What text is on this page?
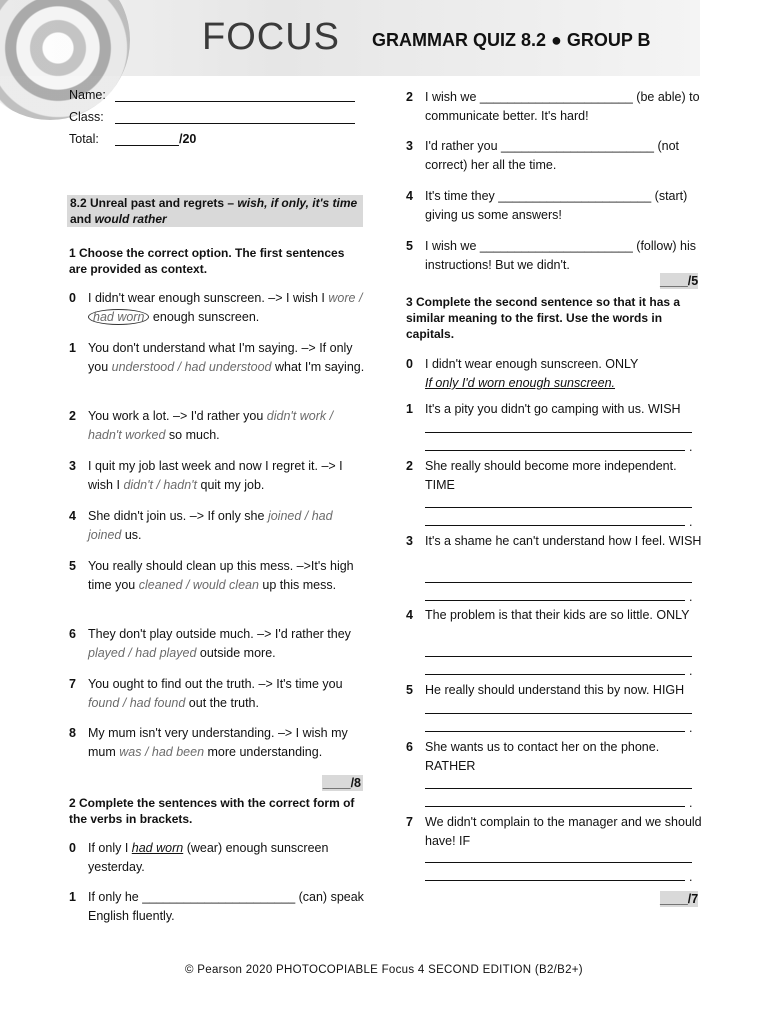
FOCUS GRAMMAR QUIZ 8.2 ● GROUP B
Name:
Class:
Total:	/20
8.2 Unreal past and regrets – wish, if only, it's time and would rather
1 Choose the correct option. The first sentences are provided as context.
0 I didn't wear enough sunscreen. –> I wish I wore / had worn enough sunscreen.
1 You don't understand what I'm saying. –> If only you understood / had understood what I'm saying.
2 You work a lot. –> I'd rather you didn't work / hadn't worked so much.
3 I quit my job last week and now I regret it. –> I wish I didn't / hadn't quit my job.
4 She didn't join us. –> If only she joined / had joined us.
5 You really should clean up this mess. –>It's high time you cleaned / would clean up this mess.
6 They don't play outside much. –> I'd rather they played / had played outside more.
7 You ought to find out the truth. –> It's time you found / had found out the truth.
8 My mum isn't very understanding. –> I wish my mum was / had been more understanding.
____/8
2 Complete the sentences with the correct form of the verbs in brackets.
0 If only I had worn (wear) enough sunscreen yesterday.
1 If only he ______________________ (can) speak English fluently.
2 I wish we ______________________ (be able) to communicate better. It's hard!
3 I'd rather you ______________________ (not correct) her all the time.
4 It's time they ______________________ (start) giving us some answers!
5 I wish we ______________________ (follow) his instructions! But we didn't.
____/5
3 Complete the second sentence so that it has a similar meaning to the first. Use the words in capitals.
0 I didn't wear enough sunscreen. ONLY
If only I'd worn enough sunscreen.
1 It's a pity you didn't go camping with us. WISH
2 She really should become more independent. TIME
3 It's a shame he can't understand how I feel. WISH
4 The problem is that their kids are so little. ONLY
5 He really should understand this by now. HIGH
6 She wants us to contact her on the phone. RATHER
7 We didn't complain to the manager and we should have! IF
.
.
.
.
.
.
.
____/7
© Pearson 2020 PHOTOCOPIABLE Focus 4 SECOND EDITION (B2/B2+)
